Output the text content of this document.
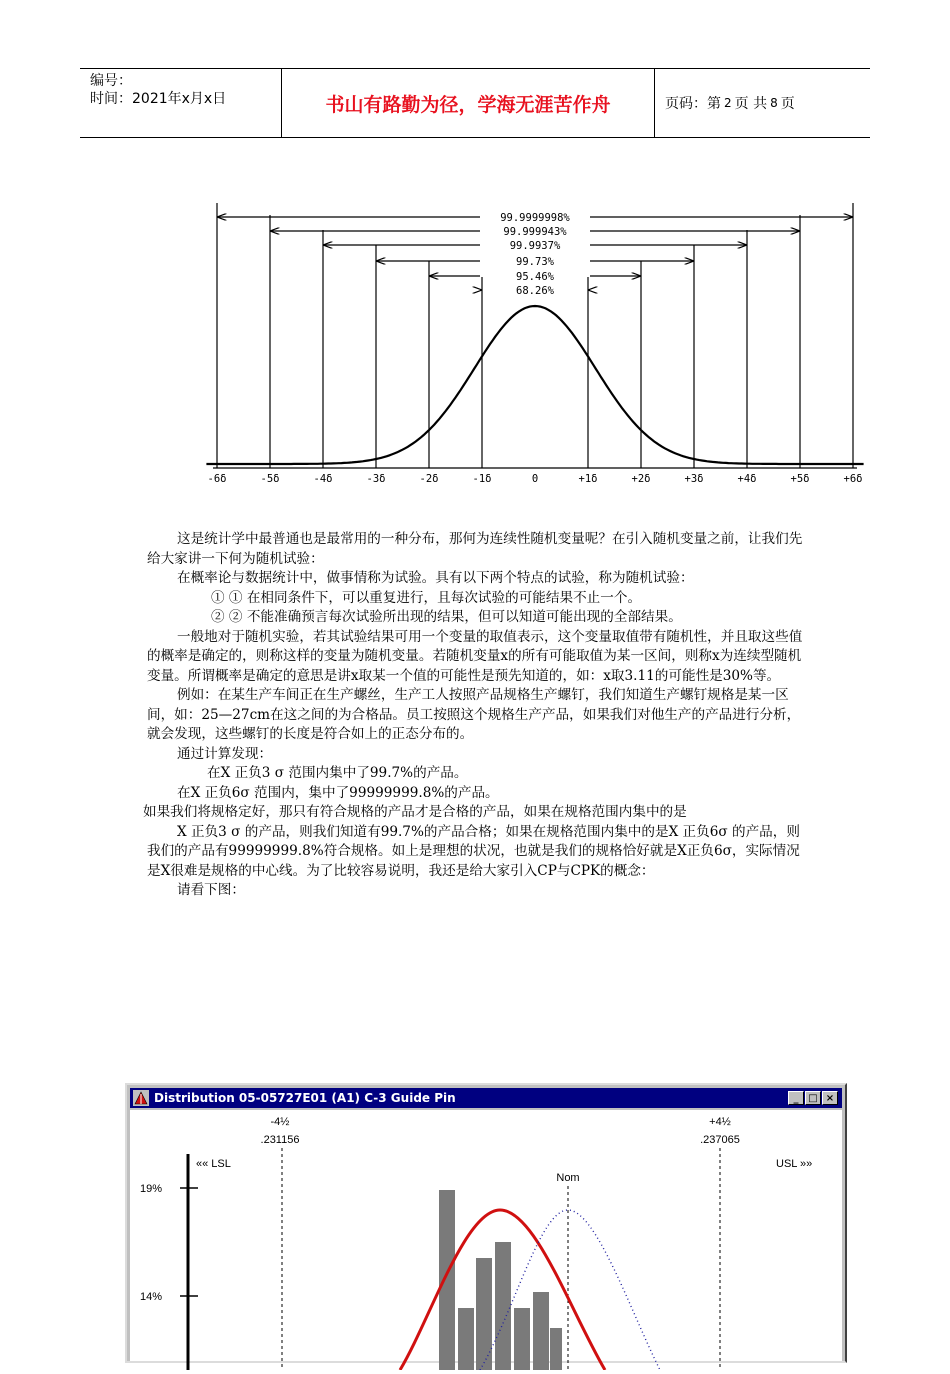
编号：
时间：2021年x月x日	书山有路勤为径，学海无涯苦作舟	页码：第 2 页 共 8 页
99.9999998%
99.999943%
99.9937%
99.73%
95.46%
68.26%
-6δ	-5δ	-4δ	-3δ	-2δ	-1δ	0	+1δ	+2δ	+3δ	+4δ	+5δ	+6δ

这是统计学中最普通也是最常用的一种分布，那何为连续性随机变量呢？在引入随机变量之前，让我们先给大家讲一下何为随机试验：

在概率论与数据统计中，做事情称为试验。具有以下两个特点的试验，称为随机试验：

① ① 在相同条件下，可以重复进行，且每次试验的可能结果不止一个。

② ② 不能准确预言每次试验所出现的结果，但可以知道可能出现的全部结果。

一般地对于随机实验，若其试验结果可用一个变量的取值表示，这个变量取值带有随机性，并且取这些值的概率是确定的，则称这样的变量为随机变量。若随机变量x的所有可能取值为某一区间，则称x为连续型随机变量。所谓概率是确定的意思是讲x取某一个值的可能性是预先知道的，如：x取3.11的可能性是30%等。

例如：在某生产车间正在生产螺丝，生产工人按照产品规格生产螺钉，我们知道生产螺钉规格是某一区间，如：25—27cm在这之间的为合格品。员工按照这个规格生产产品，如果我们对他生产的产品进行分析，就会发现，这些螺钉的长度是符合如上的正态分布的。

通过计算发现：

在X 正负3 σ 范围内集中了99.7%的产品。

在X 正负6σ 范围内，集中了99999999.8%的产品。

如果我们将规格定好，那只有符合规格的产品才是合格的产品，如果在规格范围内集中的是

X 正负3 σ 的产品，则我们知道有99.7%的产品合格；如果在规格范围内集中的是X 正负6σ 的产品，则我们的产品有99999999.8%符合规格。如上是理想的状况，也就是我们的规格恰好就是X正负6σ，实际情况是X很难是规格的中心线。为了比较容易说明，我还是给大家引入CP与CPK的概念：

请看下图：

Distribution 05-05727E01 (A1) C-3 Guide Pin	_ □ ×
-4½
.231156
+4½
.237065
«« LSL	USL »»
Nom
19%
14%
